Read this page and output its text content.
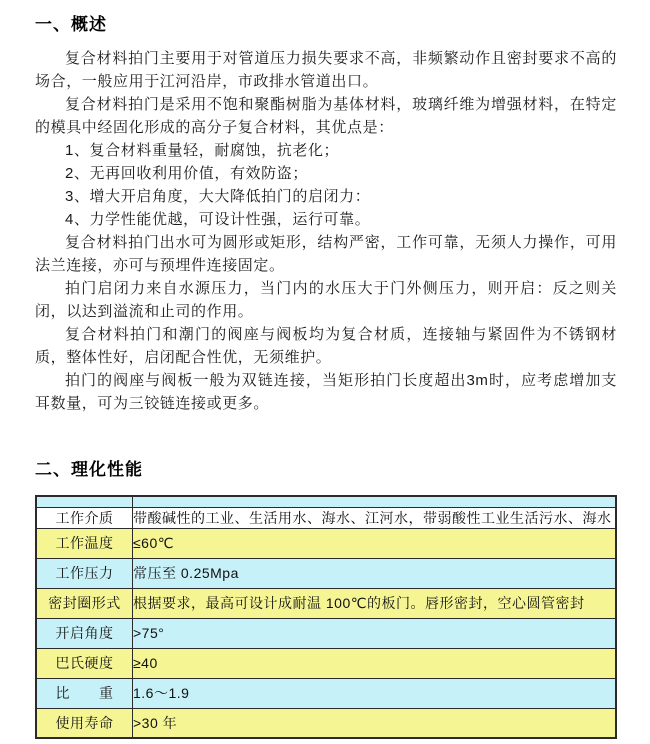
一、概述

复合材料拍门主要用于对管道压力损失要求不高，非频繁动作且密封要求不高的场合，一般应用于江河沿岸，市政排水管道出口。

复合材料拍门是采用不饱和聚酯树脂为基体材料，玻璃纤维为增强材料，在特定的模具中经固化形成的高分子复合材料，其优点是：

1、复合材料重量轻，耐腐蚀，抗老化；

2、无再回收利用价值，有效防盗；

3、增大开启角度，大大降低拍门的启闭力：

4、力学性能优越，可设计性强，运行可靠。

复合材料拍门出水可为圆形或矩形，结构严密，工作可靠，无须人力操作，可用法兰连接，亦可与预埋件连接固定。

拍门启闭力来自水源压力，当门内的水压大于门外侧压力，则开启：反之则关闭，以达到溢流和止司的作用。

复合材料拍门和潮门的阀座与阀板均为复合材质，连接轴与紧固件为不锈钢材质，整体性好，启闭配合性优，无须维护。

拍门的阀座与阀板一般为双链连接，当矩形拍门长度超出3m时，应考虑增加支耳数量，可为三铰链连接或更多。

二、理化性能

工作介质	带酸碱性的工业、生活用水、海水、江河水，带弱酸性工业生活污水、海水
工作温度	≤60℃
工作压力	常压至 0.25Mpa
密封圈形式	根据要求，最高可设计成耐温 100℃的板门。唇形密封，空心圆管密封
开启角度	>75°
巴氏硬度	≥40
比　　重	1.6～1.9
使用寿命	>30 年
